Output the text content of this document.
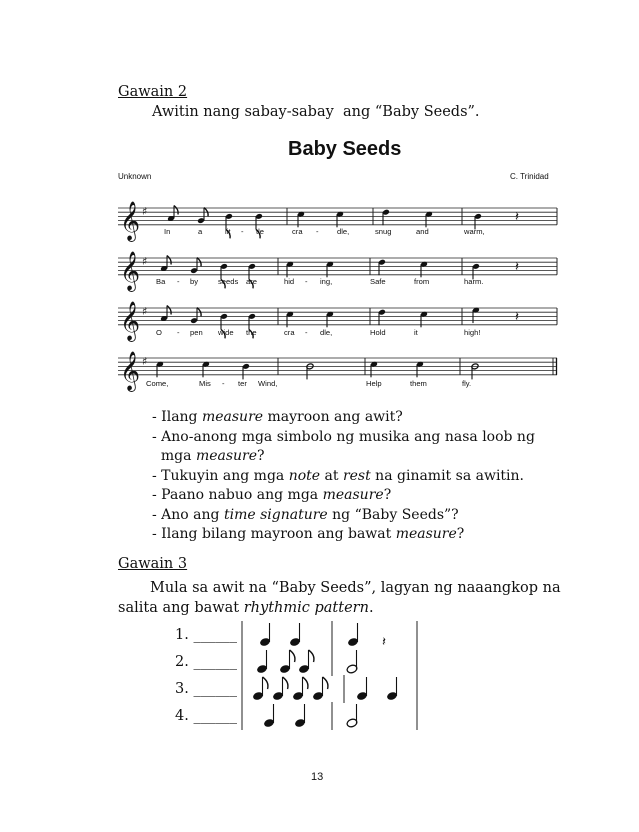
Gawain 2
Awitin nang sabay-sabay  ang “Baby Seeds”.
Baby Seeds
Unknown	C. Trinidad
𝄞 ♯	𝄽
𝄞 ♯	𝄽
𝄞 ♯	𝄽
𝄞 ♯
In	a	lit - tle	cra - dle,	snug	and	warm,
Ba - by	seeds are	hid - ing,	Safe	from	harm.
O - pen wide the	cra - dle,	Hold	it	high!
Come,	Mis - ter Wind,	Help	them	fly.
- Ilang measure mayroon ang awit?
- Ano-anong mga simbolo ng musika ang nasa loob ng
mga measure?
- Tukuyin ang mga note at rest na ginamit sa awitin.
- Paano nabuo ang mga measure?
- Ano ang time signature ng “Baby Seeds”?
- Ilang bilang mayroon ang bawat measure?
Gawain 3
Mula sa awit na “Baby Seeds”, lagyan ng naaangkop na
salita ang bawat rhythmic pattern.
1. ______
2. ______
3. ______
4. ______
𝄽
13
